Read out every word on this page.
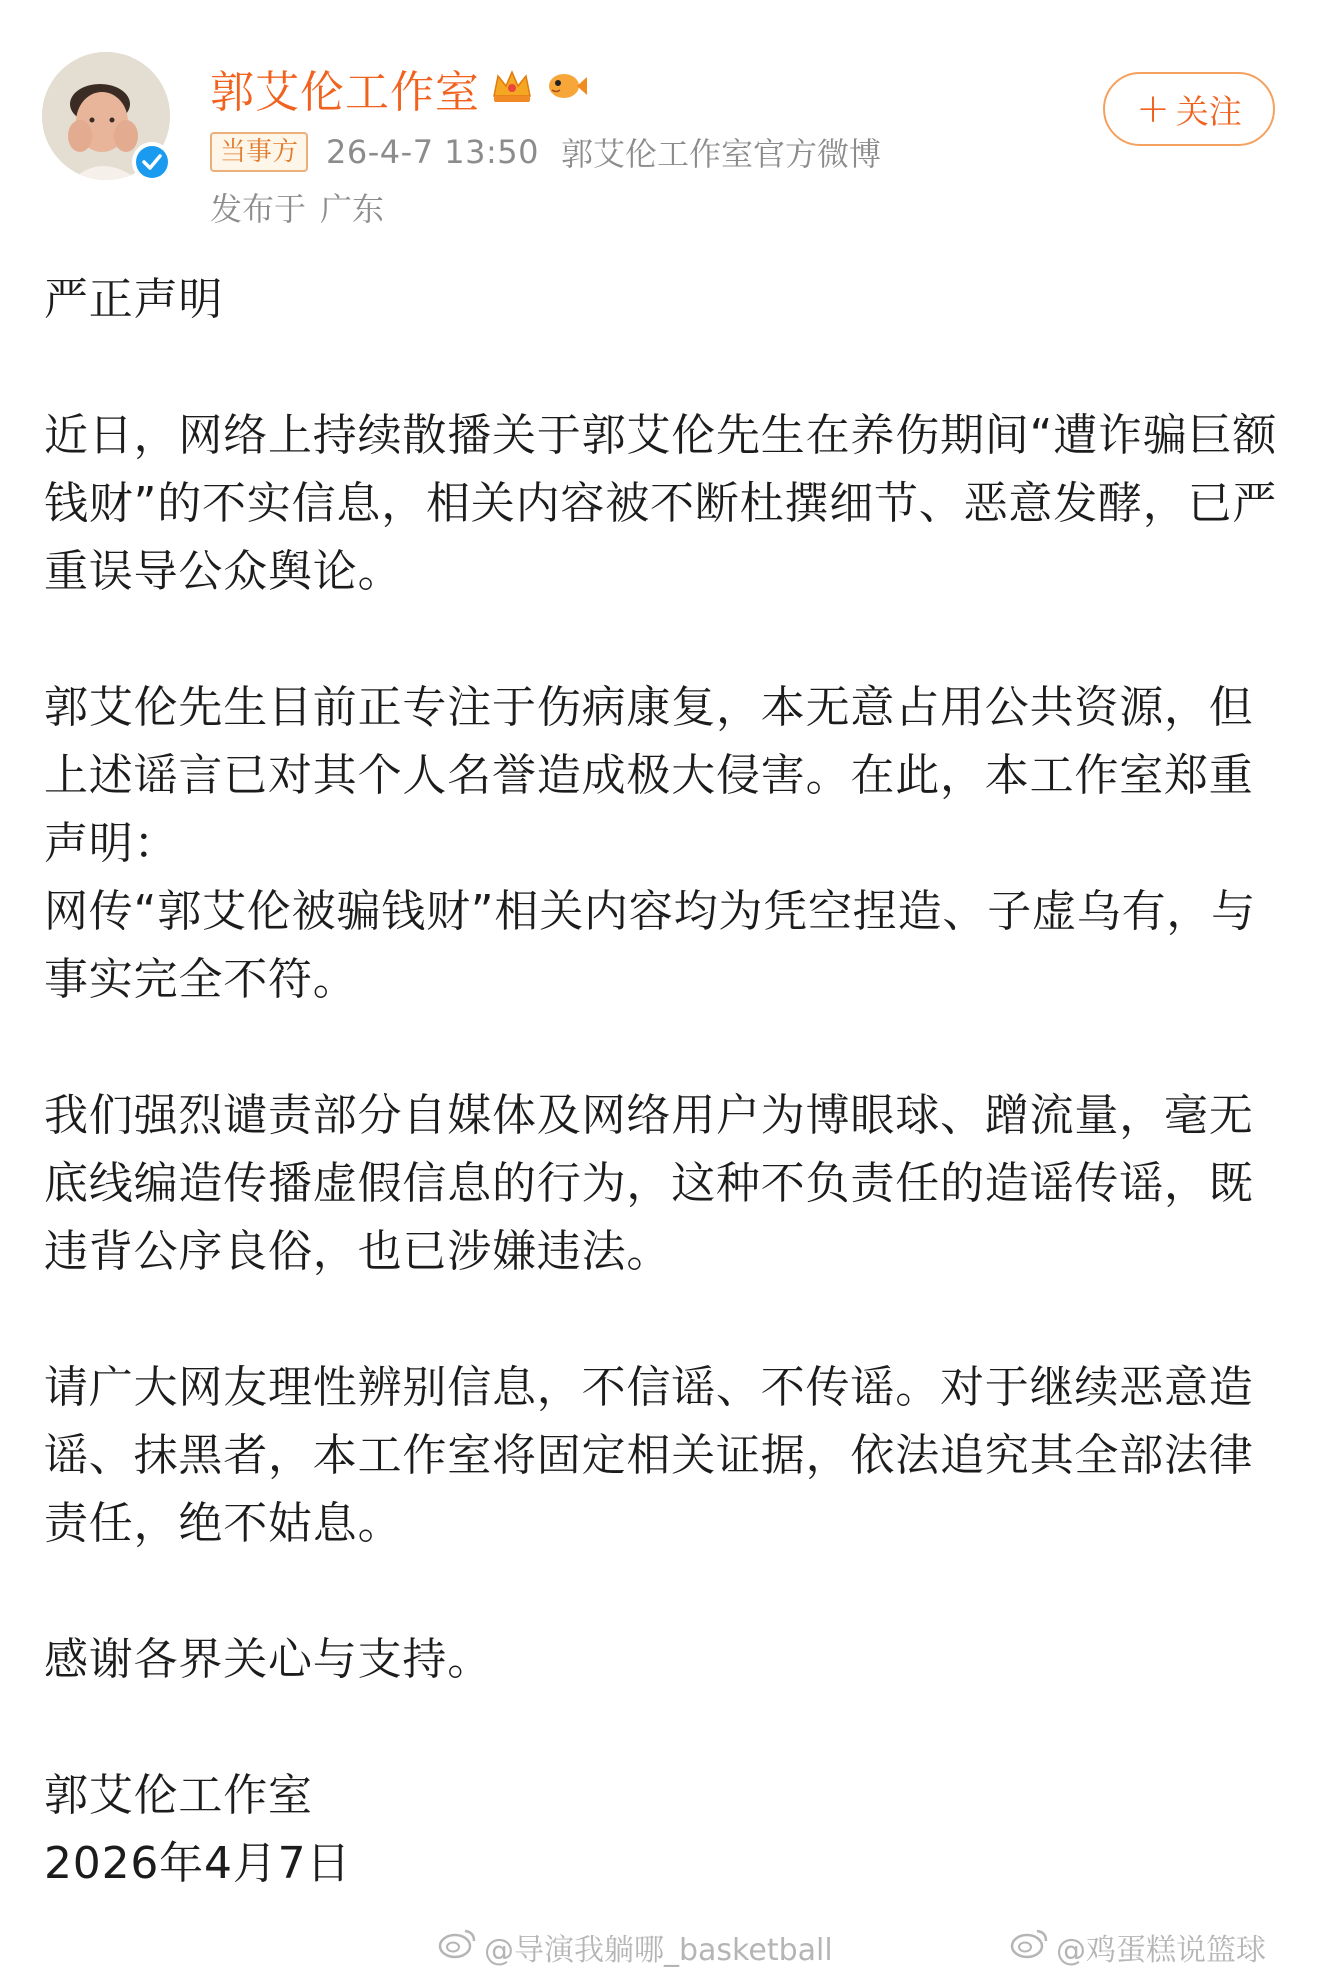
郭艾伦工作室
当事方 26-4-7 13:50 郭艾伦工作室官方微博
发布于 广东
+ 关注

严正声明

近日，网络上持续散播关于郭艾伦先生在养伤期间“遭诈骗巨额钱财”的不实信息，相关内容被不断杜撰细节、恶意发酵，已严重误导公众舆论。

郭艾伦先生目前正专注于伤病康复，本无意占用公共资源，但上述谣言已对其个人名誉造成极大侵害。在此，本工作室郑重声明：

网传“郭艾伦被骗钱财”相关内容均为凭空捏造、子虚乌有，与事实完全不符。

我们强烈谴责部分自媒体及网络用户为博眼球、蹭流量，毫无底线编造传播虚假信息的行为，这种不负责任的造谣传谣，既违背公序良俗，也已涉嫌违法。

请广大网友理性辨别信息，不信谣、不传谣。对于继续恶意造谣、抹黑者，本工作室将固定相关证据，依法追究其全部法律责任，绝不姑息。

感谢各界关心与支持。

郭艾伦工作室

2026年4月7日

@导演我躺哪_basketball	@鸡蛋糕说篮球
